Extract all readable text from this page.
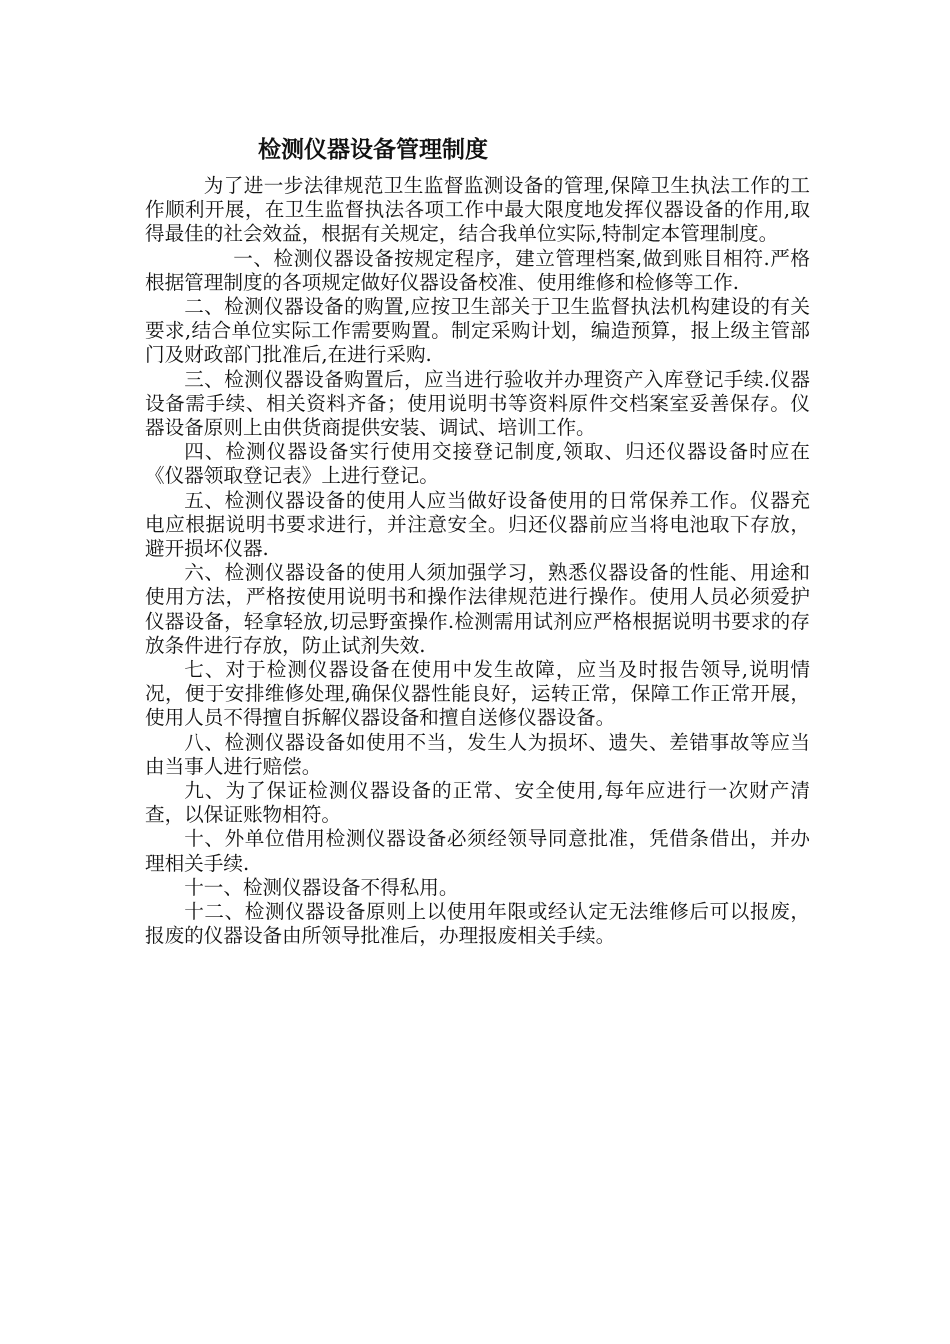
检测仪器设备管理制度

为了进一步法律规范卫生监督监测设备的管理,保障卫生执法工作的工作顺利开展，在卫生监督执法各项工作中最大限度地发挥仪器设备的作用,取得最佳的社会效益，根据有关规定，结合我单位实际,特制定本管理制度。

一、检测仪器设备按规定程序，建立管理档案,做到账目相符.严格根据管理制度的各项规定做好仪器设备校准、使用维修和检修等工作.

二、检测仪器设备的购置,应按卫生部关于卫生监督执法机构建设的有关要求,结合单位实际工作需要购置。制定采购计划，编造预算，报上级主管部门及财政部门批准后,在进行采购.

三、检测仪器设备购置后，应当进行验收并办理资产入库登记手续.仪器设备需手续、相关资料齐备；使用说明书等资料原件交档案室妥善保存。仪器设备原则上由供货商提供安装、调试、培训工作。

四、检测仪器设备实行使用交接登记制度,领取、归还仪器设备时应在《仪器领取登记表》上进行登记。

五、检测仪器设备的使用人应当做好设备使用的日常保养工作。仪器充电应根据说明书要求进行，并注意安全。归还仪器前应当将电池取下存放，避开损坏仪器.

六、检测仪器设备的使用人须加强学习，熟悉仪器设备的性能、用途和使用方法，严格按使用说明书和操作法律规范进行操作。使用人员必须爱护仪器设备，轻拿轻放,切忌野蛮操作.检测需用试剂应严格根据说明书要求的存放条件进行存放，防止试剂失效.

七、对于检测仪器设备在使用中发生故障，应当及时报告领导,说明情况，便于安排维修处理,确保仪器性能良好，运转正常，保障工作正常开展，使用人员不得擅自拆解仪器设备和擅自送修仪器设备。

八、检测仪器设备如使用不当，发生人为损坏、遗失、差错事故等应当由当事人进行赔偿。

九、为了保证检测仪器设备的正常、安全使用,每年应进行一次财产清查，以保证账物相符。

十、外单位借用检测仪器设备必须经领导同意批准，凭借条借出，并办理相关手续.

十一、检测仪器设备不得私用。

十二、检测仪器设备原则上以使用年限或经认定无法维修后可以报废，报废的仪器设备由所领导批准后，办理报废相关手续。
